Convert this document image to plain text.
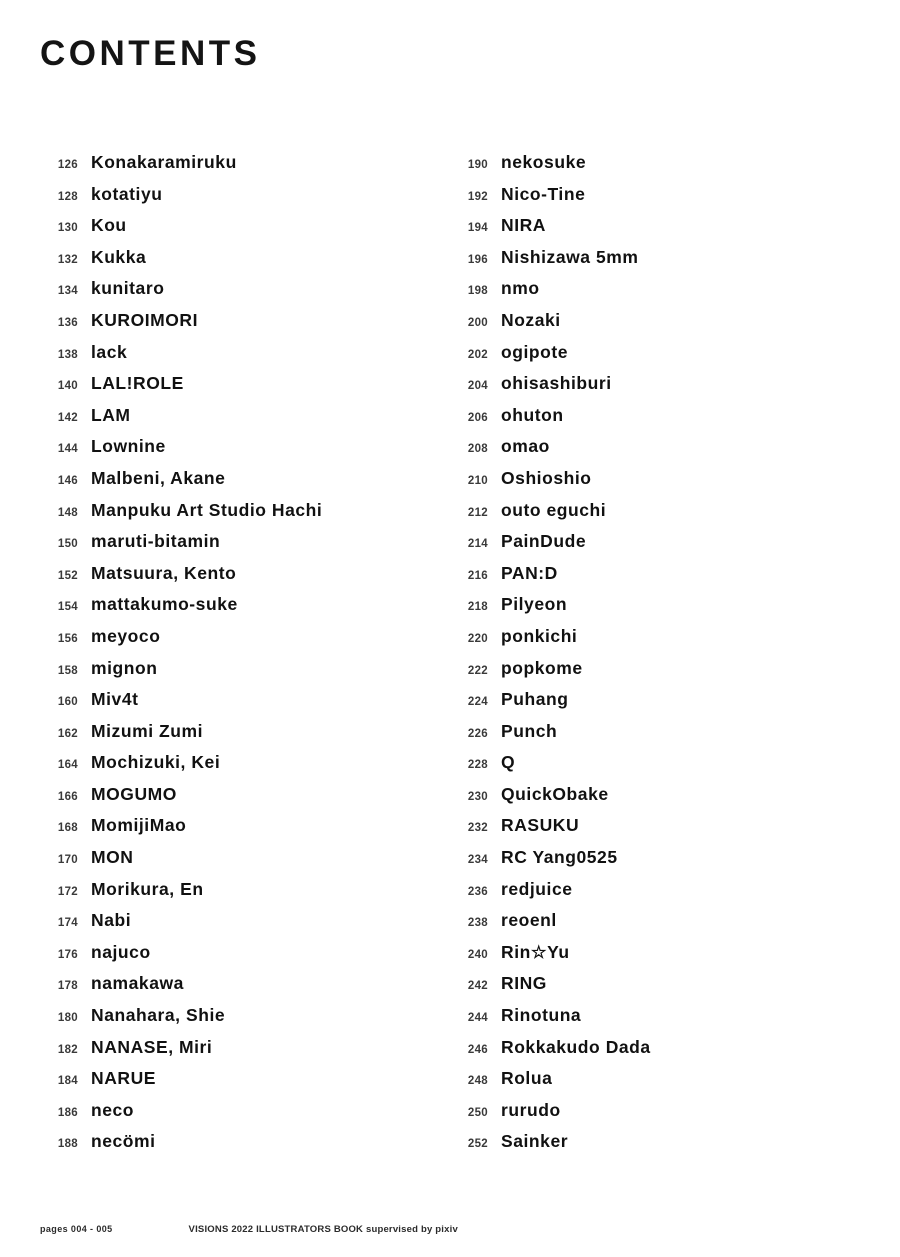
CONTENTS
126 Konakaramiruku
128 kotatiyu
130 Kou
132 Kukka
134 kunitaro
136 KUROIMORI
138 lack
140 LAL!ROLE
142 LAM
144 Lownine
146 Malbeni, Akane
148 Manpuku Art Studio Hachi
150 maruti-bitamin
152 Matsuura, Kento
154 mattakumo-suke
156 meyoco
158 mignon
160 Miv4t
162 Mizumi Zumi
164 Mochizuki, Kei
166 MOGUMO
168 MomijiMao
170 MON
172 Morikura, En
174 Nabi
176 najuco
178 namakawa
180 Nanahara, Shie
182 NANASE, Miri
184 NARUE
186 neco
188 necömi
190 nekosuke
192 Nico-Tine
194 NIRA
196 Nishizawa 5mm
198 nmo
200 Nozaki
202 ogipote
204 ohisashiburi
206 ohuton
208 omao
210 Oshioshio
212 outo eguchi
214 PainDude
216 PAN:D
218 Pilyeon
220 ponkichi
222 popkome
224 Puhang
226 Punch
228 Q
230 QuickObake
232 RASUKU
234 RC Yang0525
236 redjuice
238 reoenl
240 Rin☆Yu
242 RING
244 Rinotuna
246 Rokkakudo Dada
248 Rolua
250 rurudo
252 Sainker
pages 004 - 005	VISIONS 2022 ILLUSTRATORS BOOK supervised by pixiv
